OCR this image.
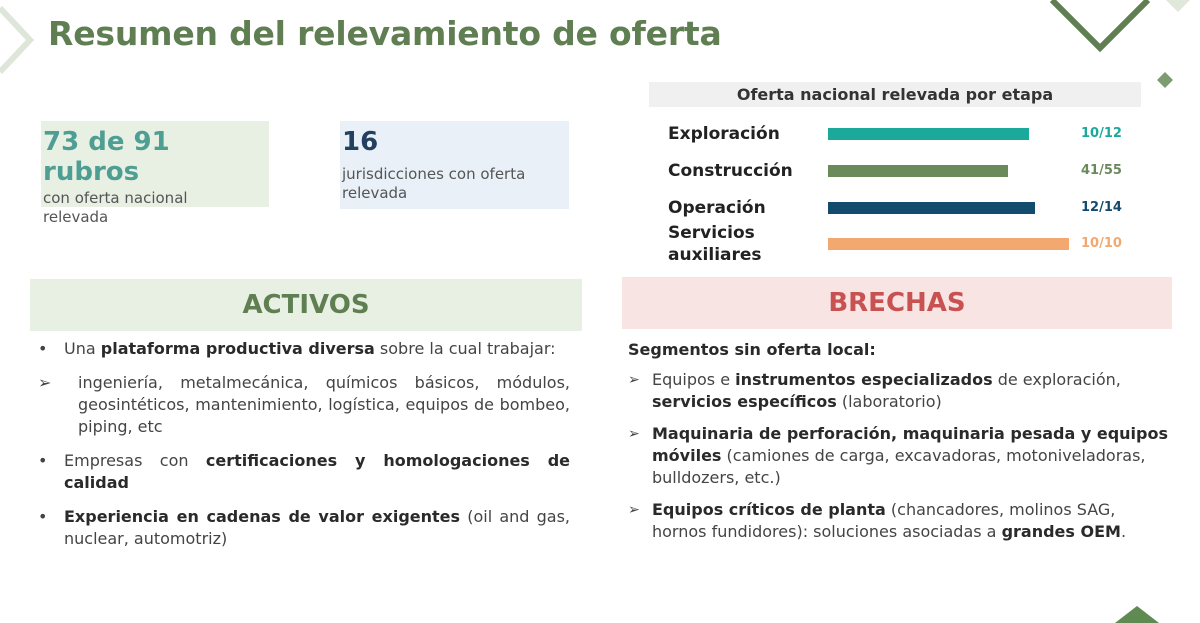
Resumen del relevamiento de oferta
73 de 91 rubros
con oferta nacional
relevada
16
jurisdicciones con oferta
relevada
Oferta nacional relevada por etapa
Exploración	10/12
Construcción	41/55
Operación	12/14
Servicios
auxiliares
10/10
ACTIVOS
• Una plataforma productiva diversa sobre la cual trabajar:
➢ ingeniería, metalmecánica, químicos básicos, módulos, geosintéticos, mantenimiento, logística, equipos de bombeo, piping, etc
• Empresas con certificaciones y homologaciones de calidad
• Experiencia en cadenas de valor exigentes (oil and gas, nuclear, automotriz)
BRECHAS
Segmentos sin oferta local:
➢ Equipos e instrumentos especializados de exploración, servicios específicos (laboratorio)
➢ Maquinaria de perforación, maquinaria pesada y equipos móviles (camiones de carga, excavadoras, motoniveladoras, bulldozers, etc.)
➢ Equipos críticos de planta (chancadores, molinos SAG, hornos fundidores): soluciones asociadas a grandes OEM.
